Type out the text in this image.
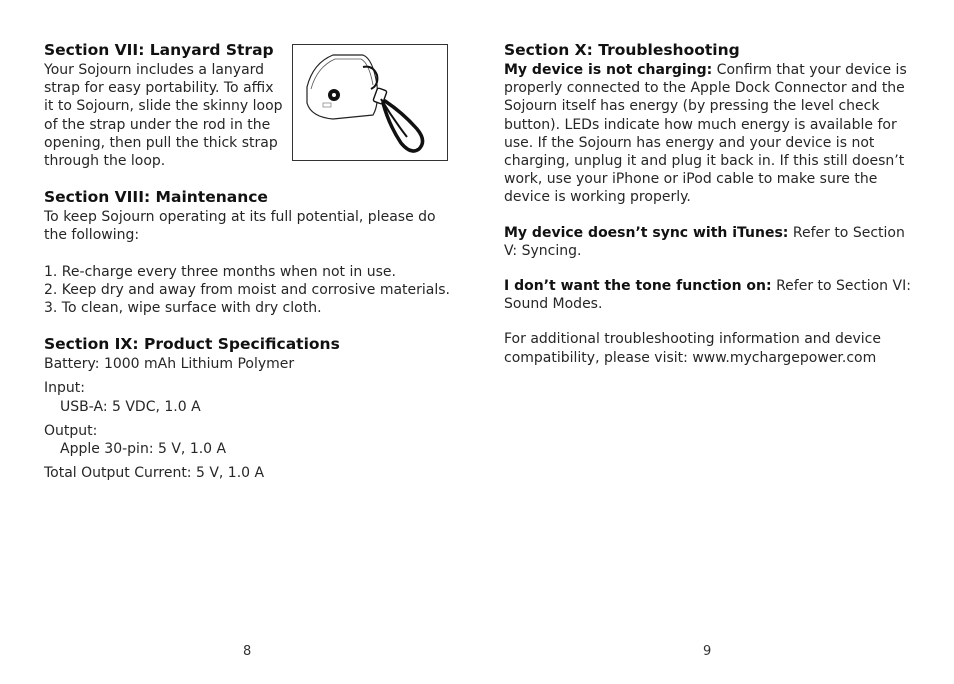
Section VII: Lanyard Strap

Your Sojourn includes a lanyard strap for easy portability. To affix it to Sojourn, slide the skinny loop of the strap under the rod in the opening, then pull the thick strap through the loop.

Section VIII: Maintenance

To keep Sojourn operating at its full potential, please do the following:

1. Re-charge every three months when not in use.
2. Keep dry and away from moist and corrosive materials.
3. To clean, wipe surface with dry cloth.
Section IX: Product Specifications
Battery: 1000 mAh Lithium Polymer
Input:
USB-A: 5 VDC, 1.0 A
Output:
Apple 30-pin: 5 V, 1.0 A
Total Output Current: 5 V, 1.0 A
Section X: Troubleshooting

My device is not charging: Confirm that your device is properly connected to the Apple Dock Connector and the Sojourn itself has energy (by pressing the level check button). LEDs indicate how much energy is available for use. If the Sojourn has energy and your device is not charging, unplug it and plug it back in. If this still doesn’t work, use your iPhone or iPod cable to make sure the device is working properly.

My device doesn’t sync with iTunes: Refer to Section V: Syncing.

I don’t want the tone function on: Refer to Section VI: Sound Modes.

For additional troubleshooting information and device compatibility, please visit: www.mychargepower.com

8	9
